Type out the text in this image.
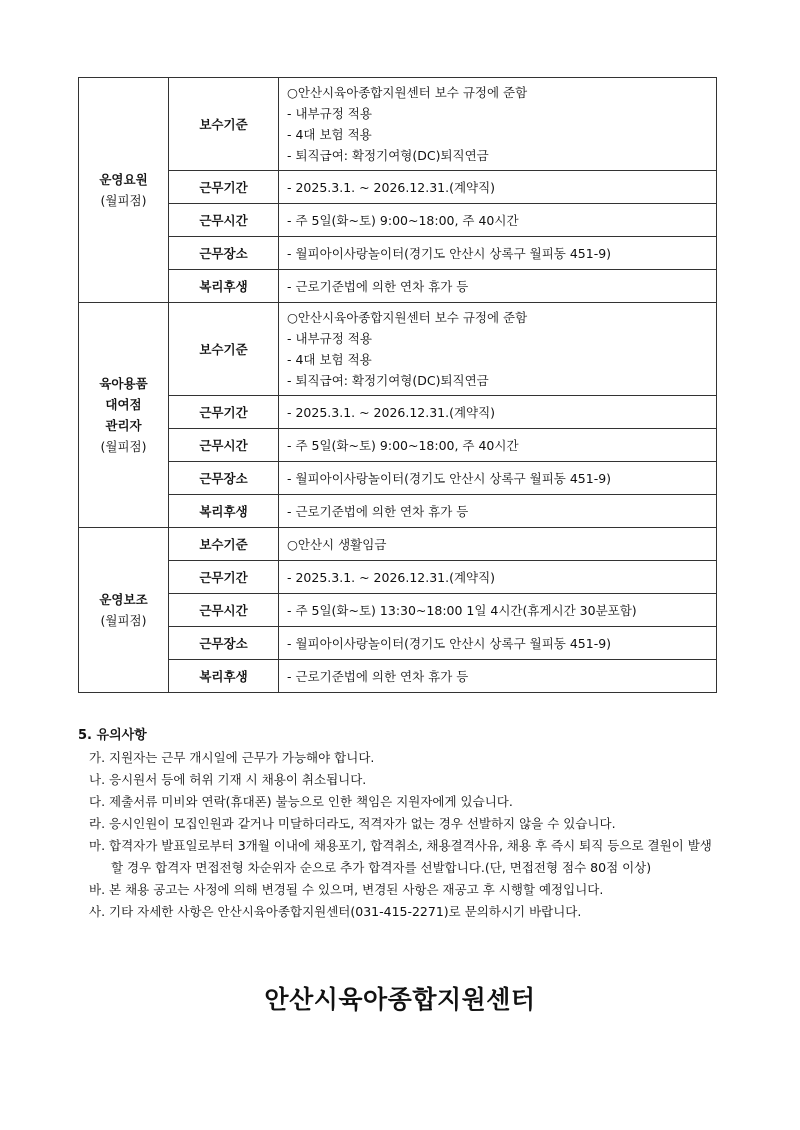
운영요원
(월피점)	보수기준	○안산시육아종합지원센터 보수 규정에 준함
- 내부규정 적용
- 4대 보험 적용
- 퇴직급여: 확정기여형(DC)퇴직연금

	근무기간	- 2025.3.1. ~ 2026.12.31.(계약직)

	근무시간	- 주 5일(화~토) 9:00~18:00, 주 40시간

	근무장소	- 월피아이사랑놀이터(경기도 안산시 상록구 월피동 451-9)

	복리후생	- 근로기준법에 의한 연차 휴가 등

육아용품
대여점
관리자
(월피점)	보수기준	○안산시육아종합지원센터 보수 규정에 준함
- 내부규정 적용
- 4대 보험 적용
- 퇴직급여: 확정기여형(DC)퇴직연금

	근무기간	- 2025.3.1. ~ 2026.12.31.(계약직)

	근무시간	- 주 5일(화~토) 9:00~18:00, 주 40시간

	근무장소	- 월피아이사랑놀이터(경기도 안산시 상록구 월피동 451-9)

	복리후생	- 근로기준법에 의한 연차 휴가 등

운영보조
(월피점)	보수기준	○안산시 생활임금

	근무기간	- 2025.3.1. ~ 2026.12.31.(계약직)

	근무시간	- 주 5일(화~토) 13:30~18:00 1일 4시간(휴게시간 30분포함)

	근무장소	- 월피아이사랑놀이터(경기도 안산시 상록구 월피동 451-9)

	복리후생	- 근로기준법에 의한 연차 휴가 등
5. 유의사항
가. 지원자는 근무 개시일에 근무가 가능해야 합니다.
나. 응시원서 등에 허위 기재 시 채용이 취소됩니다.
다. 제출서류 미비와 연락(휴대폰) 불능으로 인한 책임은 지원자에게 있습니다.
라. 응시인원이 모집인원과 같거나 미달하더라도, 적격자가 없는 경우 선발하지 않을 수 있습니다.
마. 합격자가 발표일로부터 3개월 이내에 채용포기, 합격취소, 채용결격사유, 채용 후 즉시 퇴직 등으로 결원이 발생할 경우 합격자 면접전형 차순위자 순으로 추가 합격자를 선발합니다.(단, 면접전형 점수 80점 이상)
바. 본 채용 공고는 사정에 의해 변경될 수 있으며, 변경된 사항은 재공고 후 시행할 예정입니다.
사. 기타 자세한 사항은 안산시육아종합지원센터(031-415-2271)로 문의하시기 바랍니다.
안산시육아종합지원센터
